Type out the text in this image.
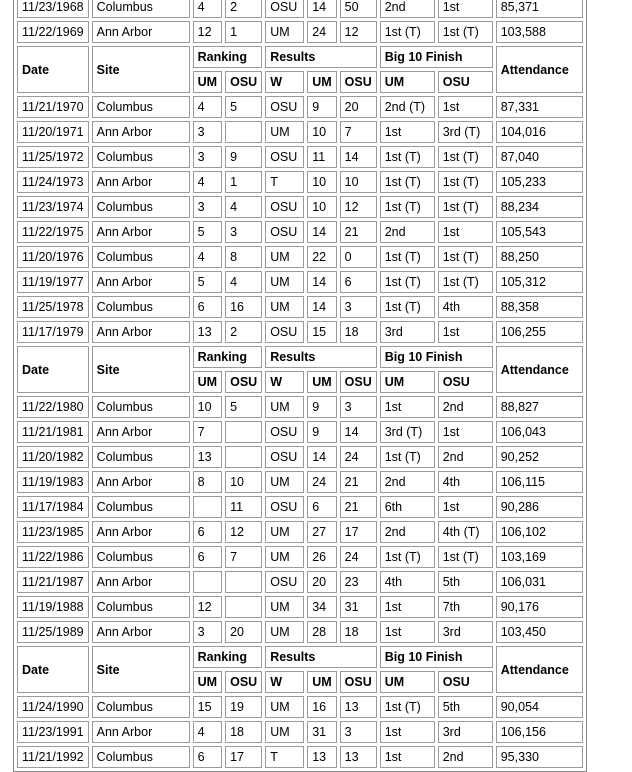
11/23/1968	Columbus	4	2	OSU	14	50	2nd	1st	85,371
11/22/1969	Ann Arbor	12	1	UM	24	12	1st (T)	1st (T)	103,588
Date	Site	Ranking		Results			Big 10 Finish		Attendance
		UM	OSU	W	UM	OSU	UM	OSU	
11/21/1970	Columbus	4	5	OSU	9	20	2nd (T)	1st	87,331
11/20/1971	Ann Arbor	3		UM	10	7	1st	3rd (T)	104,016
11/25/1972	Columbus	3	9	OSU	11	14	1st (T)	1st (T)	87,040
11/24/1973	Ann Arbor	4	1	T	10	10	1st (T)	1st (T)	105,233
11/23/1974	Columbus	3	4	OSU	10	12	1st (T)	1st (T)	88,234
11/22/1975	Ann Arbor	5	3	OSU	14	21	2nd	1st	105,543
11/20/1976	Columbus	4	8	UM	22	0	1st (T)	1st (T)	88,250
11/19/1977	Ann Arbor	5	4	UM	14	6	1st (T)	1st (T)	105,312
11/25/1978	Columbus	6	16	UM	14	3	1st (T)	4th	88,358
11/17/1979	Ann Arbor	13	2	OSU	15	18	3rd	1st	106,255
Date	Site	Ranking		Results			Big 10 Finish		Attendance
		UM	OSU	W	UM	OSU	UM	OSU	
11/22/1980	Columbus	10	5	UM	9	3	1st	2nd	88,827
11/21/1981	Ann Arbor	7		OSU	9	14	3rd (T)	1st	106,043
11/20/1982	Columbus	13		OSU	14	24	1st (T)	2nd	90,252
11/19/1983	Ann Arbor	8	10	UM	24	21	2nd	4th	106,115
11/17/1984	Columbus		11	OSU	6	21	6th	1st	90,286
11/23/1985	Ann Arbor	6	12	UM	27	17	2nd	4th (T)	106,102
11/22/1986	Columbus	6	7	UM	26	24	1st (T)	1st (T)	103,169
11/21/1987	Ann Arbor			OSU	20	23	4th	5th	106,031
11/19/1988	Columbus	12		UM	34	31	1st	7th	90,176
11/25/1989	Ann Arbor	3	20	UM	28	18	1st	3rd	103,450
Date	Site	Ranking		Results			Big 10 Finish		Attendance
		UM	OSU	W	UM	OSU	UM	OSU	
11/24/1990	Columbus	15	19	UM	16	13	1st (T)	5th	90,054
11/23/1991	Ann Arbor	4	18	UM	31	3	1st	3rd	106,156
11/21/1992	Columbus	6	17	T	13	13	1st	2nd	95,330
